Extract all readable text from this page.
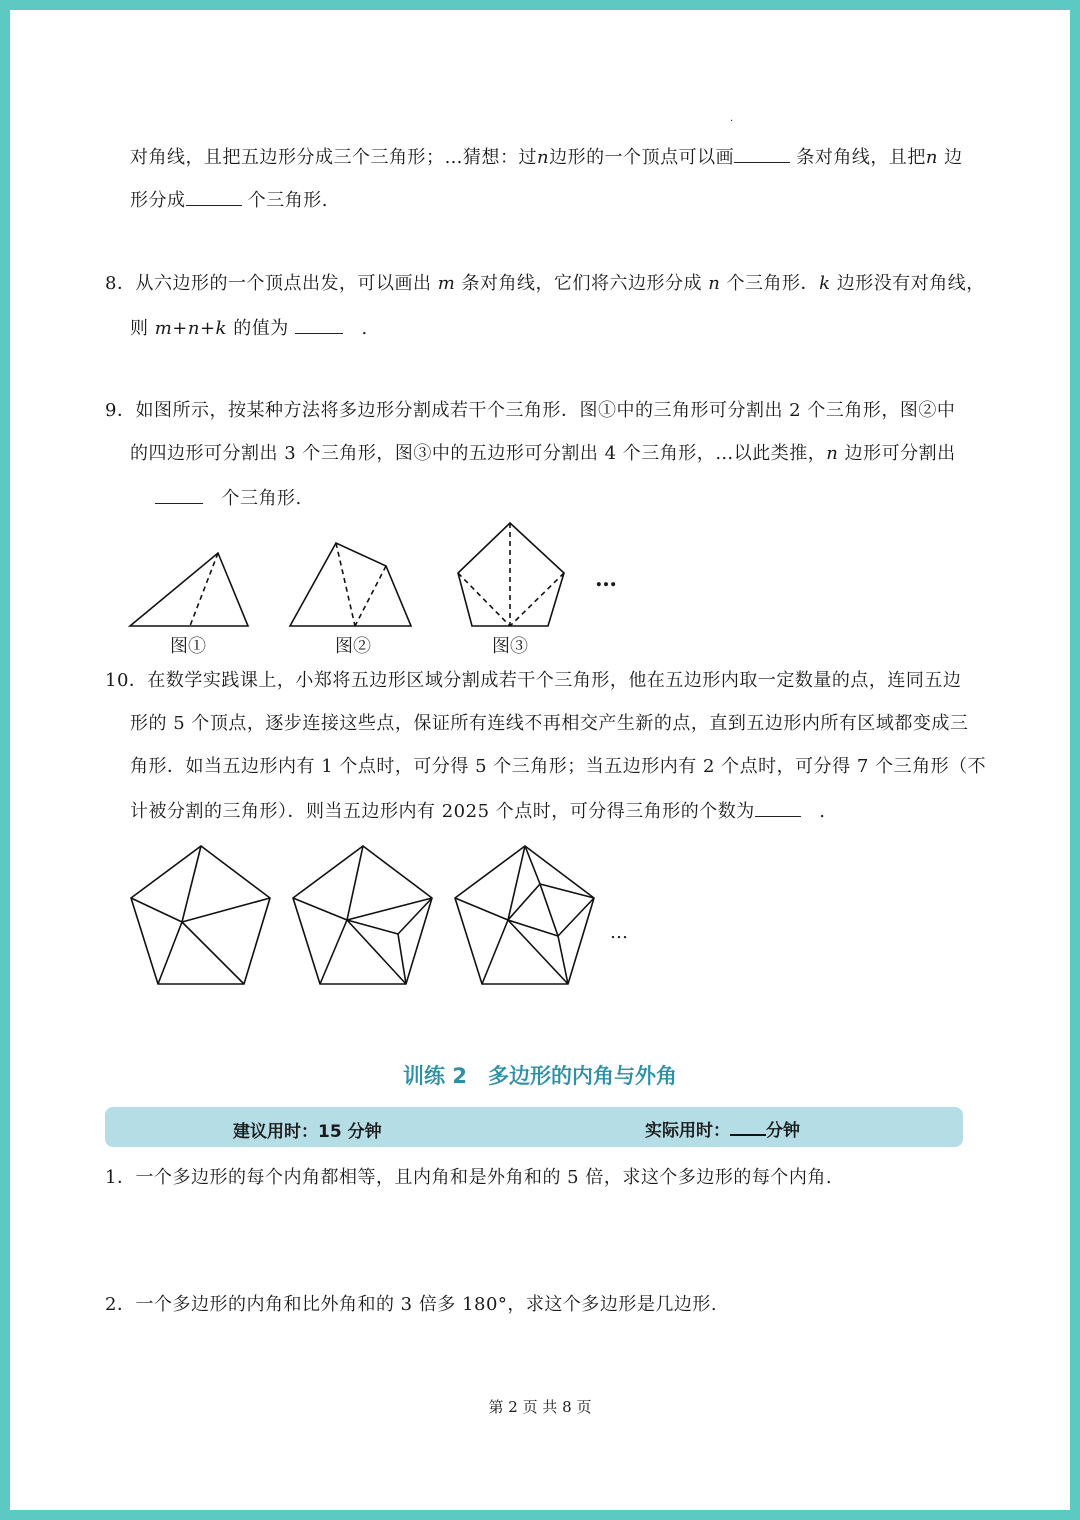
·
对角线，且把五边形分成三个三角形；…猜想：过n边形的一个顶点可以画	条对角线，且把n 边
形分成	个三角形.
8．从六边形的一个顶点出发，可以画出 m 条对角线，它们将六边形分成 n 个三角形．k 边形没有对角线，
则 m+n+k 的值为 　	.
9．如图所示，按某种方法将多边形分割成若干个三角形．图①中的三角形可分割出 2 个三角形，图②中
的四边形可分割出 3 个三角形，图③中的五边形可分割出 4 个三角形，…以此类推，n 边形可分割出
　个三角形.
图①	图②	图③
…
10．在数学实践课上，小郑将五边形区域分割成若干个三角形，他在五边形内取一定数量的点，连同五边
形的 5 个顶点，逐步连接这些点，保证所有连线不再相交产生新的点，直到五边形内所有区域都变成三
角形．如当五边形内有 1 个点时，可分得 5 个三角形；当五边形内有 2 个点时，可分得 7 个三角形（不
计被分割的三角形）．则当五边形内有 2025 个点时，可分得三角形的个数为　	.
…
训练 2　多边形的内角与外角
建议用时：15 分钟	实际用时： 分钟
1．一个多边形的每个内角都相等，且内角和是外角和的 5 倍，求这个多边形的每个内角.
2．一个多边形的内角和比外角和的 3 倍多 180°，求这个多边形是几边形.
第 2 页 共 8 页
